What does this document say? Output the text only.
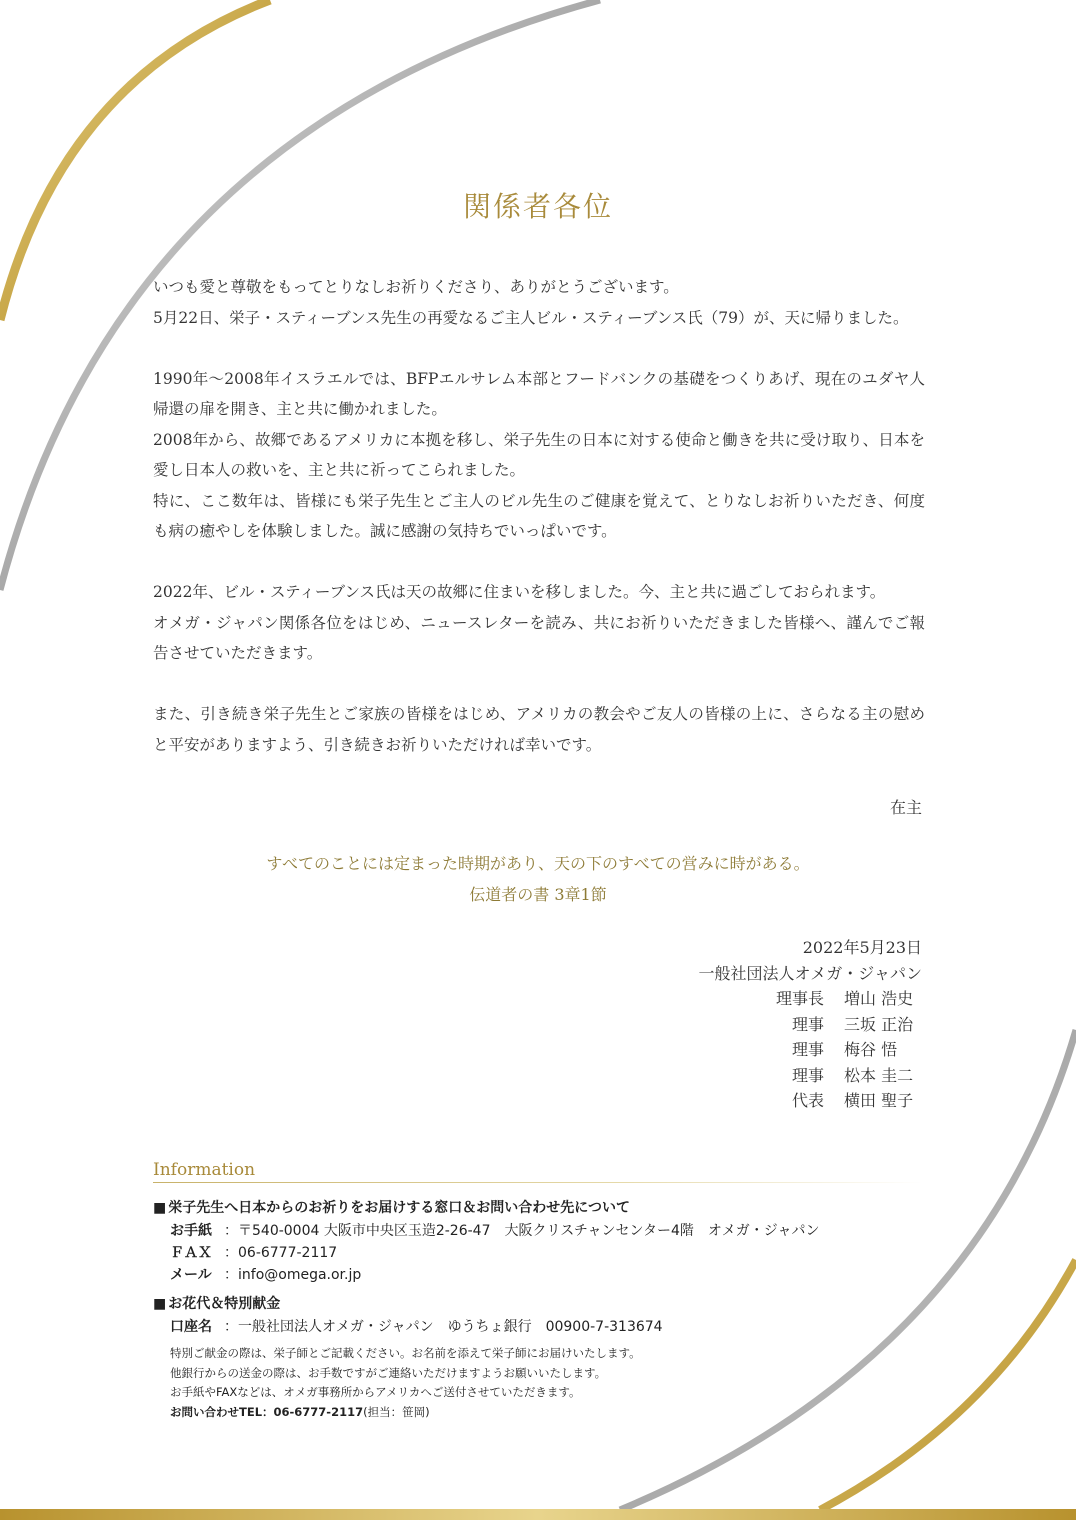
関係者各位

いつも愛と尊敬をもってとりなしお祈りくださり、ありがとうございます。
5月22日、栄子・スティーブンス先生の再愛なるご主人ビル・スティーブンス氏（79）が、天に帰りました。

1990年〜2008年イスラエルでは、BFPエルサレム本部とフードバンクの基礎をつくりあげ、現在のユダヤ人帰還の扉を開き、主と共に働かれました。
2008年から、故郷であるアメリカに本拠を移し、栄子先生の日本に対する使命と働きを共に受け取り、日本を愛し日本人の救いを、主と共に祈ってこられました。
特に、ここ数年は、皆様にも栄子先生とご主人のビル先生のご健康を覚えて、とりなしお祈りいただき、何度も病の癒やしを体験しました。誠に感謝の気持ちでいっぱいです。

2022年、ビル・スティーブンス氏は天の故郷に住まいを移しました。今、主と共に過ごしておられます。
オメガ・ジャパン関係各位をはじめ、ニュースレターを読み、共にお祈りいただきました皆様へ、謹んでご報告させていただきます。

また、引き続き栄子先生とご家族の皆様をはじめ、アメリカの教会やご友人の皆様の上に、さらなる主の慰めと平安がありますよう、引き続きお祈りいただければ幸いです。

在主
すべてのことには定まった時期があり、天の下のすべての営みに時がある。
伝道者の書 3章1節
2022年5月23日
一般社団法人オメガ・ジャパン
理事長 増山 浩史
理事 三坂 正治
理事 梅谷 悟
理事 松本 圭二
代表 横田 聖子
Information
■ 栄子先生へ日本からのお祈りをお届けする窓口＆お問い合わせ先について
お手紙 ：〒540-0004 大阪市中央区玉造2-26-47　大阪クリスチャンセンター4階　オメガ・ジャパン
ＦＡＸ ：06-6777-2117
メール ：info@omega.or.jp
■ お花代＆特別献金
口座名 ：一般社団法人オメガ・ジャパン　ゆうちょ銀行　00900-7-313674
特別ご献金の際は、栄子師とご記載ください。お名前を添えて栄子師にお届けいたします。
他銀行からの送金の際は、お手数ですがご連絡いただけますようお願いいたします。
お手紙やFAXなどは、オメガ事務所からアメリカへご送付させていただきます。
お問い合わせTEL：06-6777-2117(担当：笹岡)
